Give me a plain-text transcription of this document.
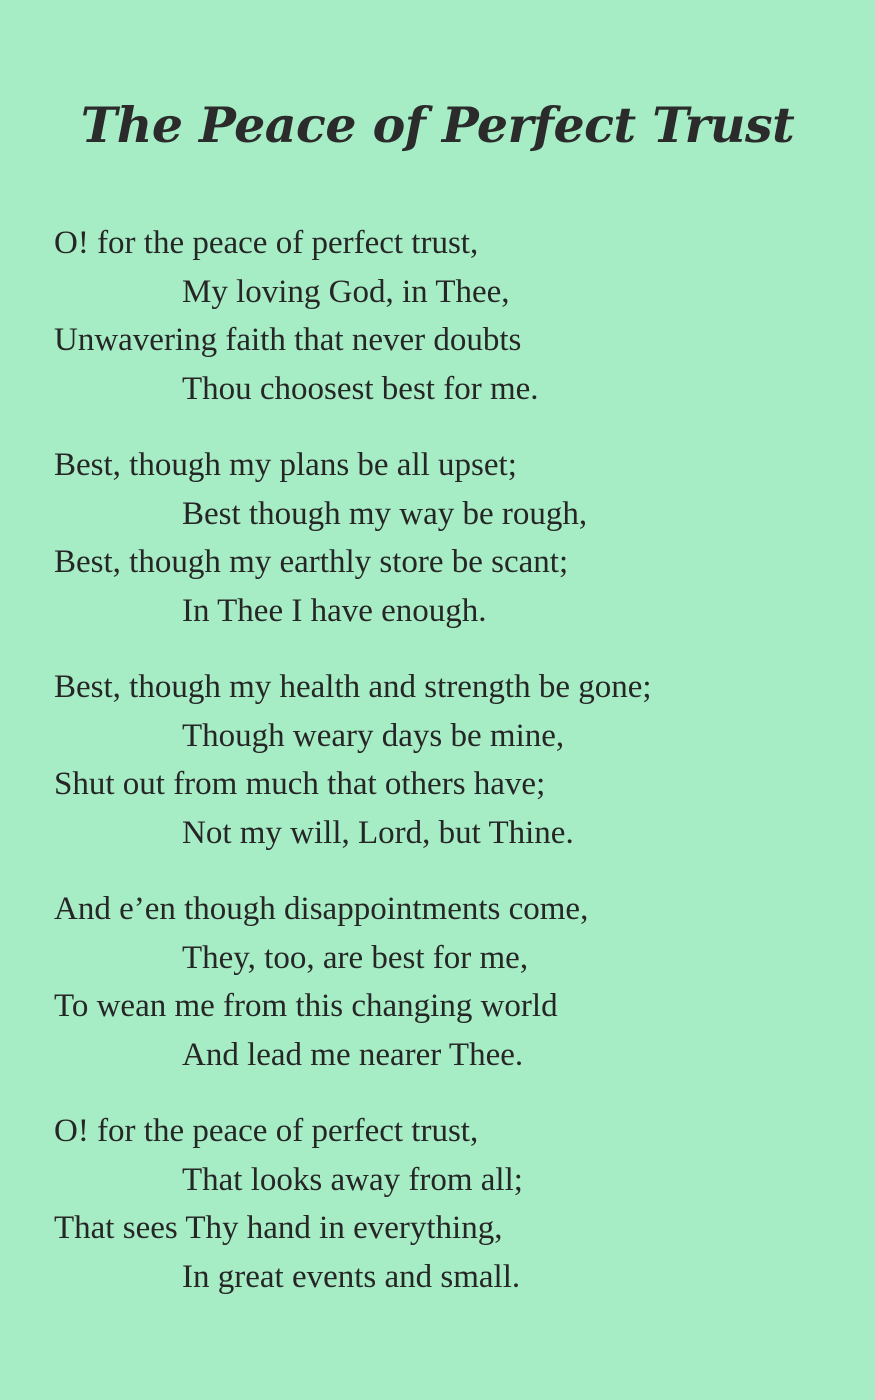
The Peace of Perfect Trust
O! for the peace of perfect trust,
My loving God, in Thee,
Unwavering faith that never doubts
Thou choosest best for me.
Best, though my plans be all upset;
Best though my way be rough,
Best, though my earthly store be scant;
In Thee I have enough.
Best, though my health and strength be gone;
Though weary days be mine,
Shut out from much that others have;
Not my will, Lord, but Thine.
And e’en though disappointments come,
They, too, are best for me,
To wean me from this changing world
And lead me nearer Thee.
O! for the peace of perfect trust,
That looks away from all;
That sees Thy hand in everything,
In great events and small.
